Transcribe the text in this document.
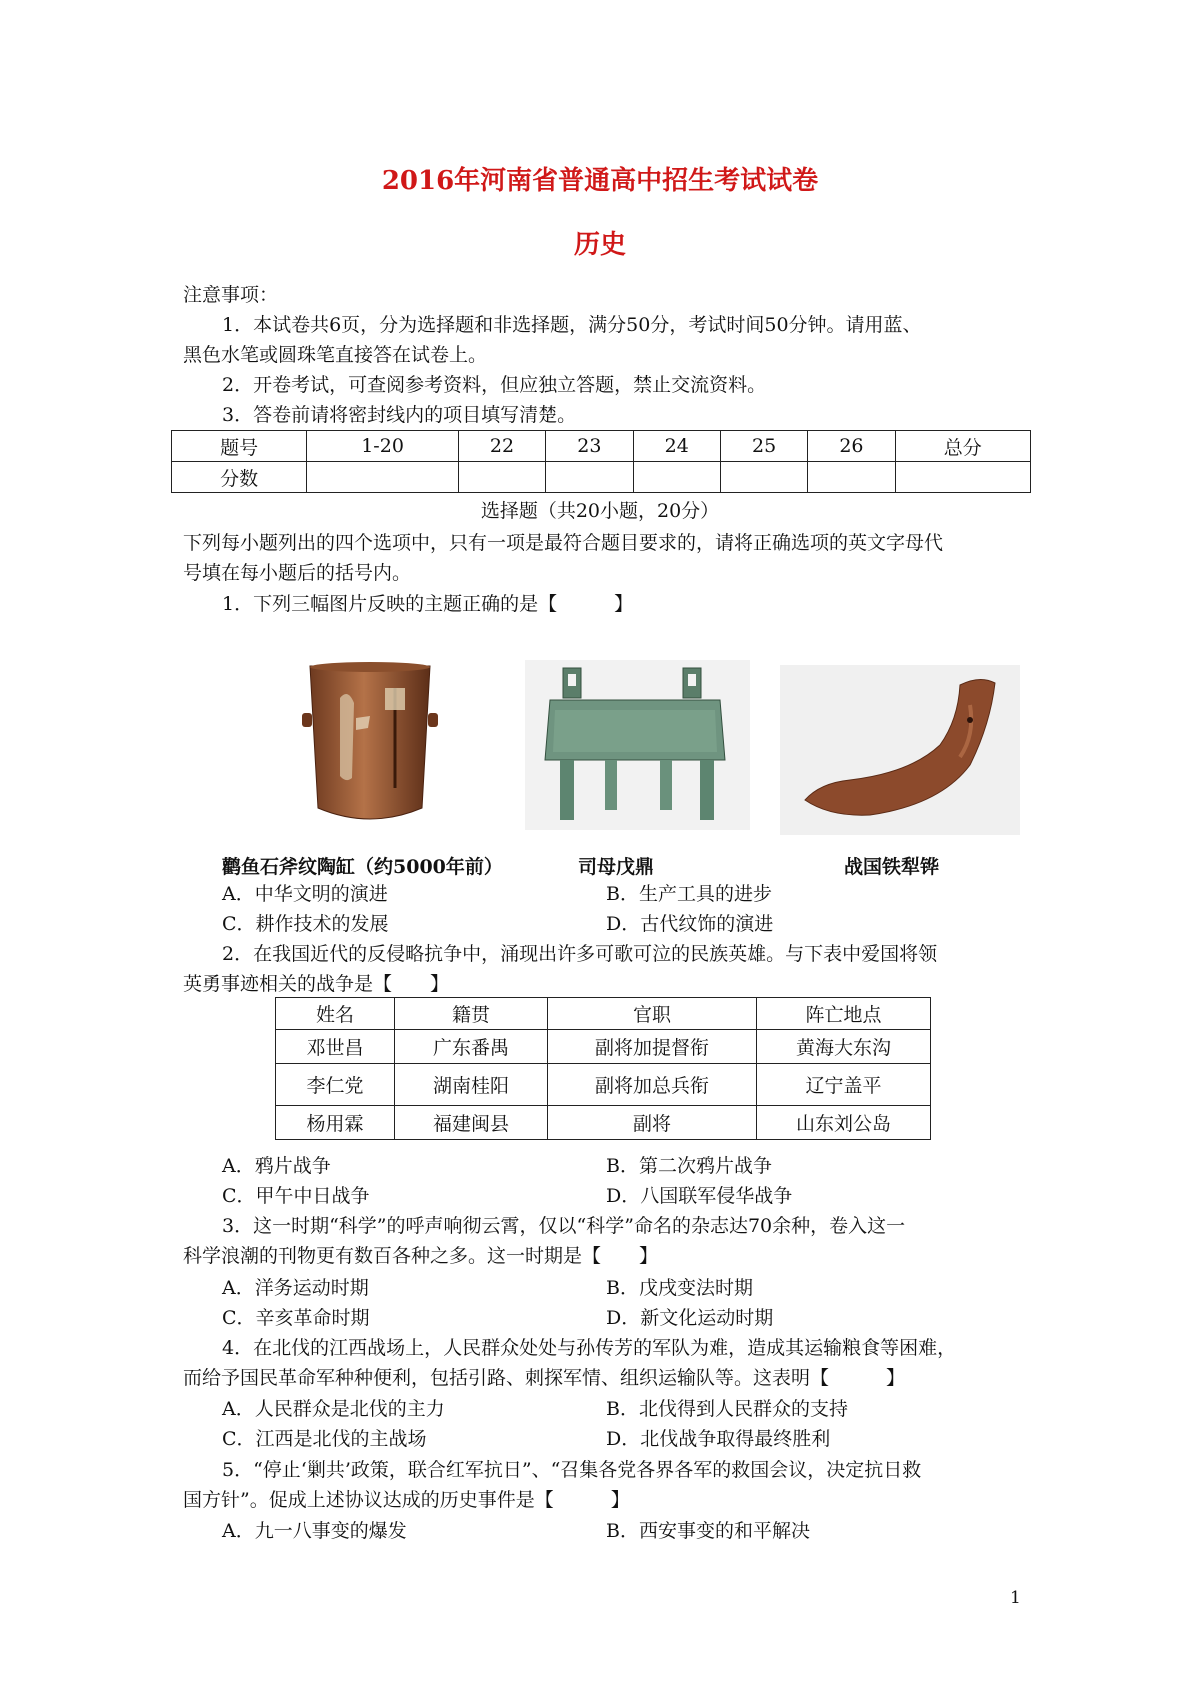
2016年河南省普通高中招生考试试卷
历史
注意事项：
1．本试卷共6页，分为选择题和非选择题，满分50分，考试时间50分钟。请用蓝、
黑色水笔或圆珠笔直接答在试卷上。
2．开卷考试，可查阅参考资料，但应独立答题，禁止交流资料。
3．答卷前请将密封线内的项目填写清楚。
题号	1-20	22	23	24	25	26	总分
分数							
选择题（共20小题，20分）
下列每小题列出的四个选项中，只有一项是最符合题目要求的，请将正确选项的英文字母代
号填在每小题后的括号内。
1．下列三幅图片反映的主题正确的是【　　　】
鹳鱼石斧纹陶缸（约5000年前）	司母戊鼎	战国铁犁铧
A．中华文明的演进	B．生产工具的进步
C．耕作技术的发展	D．古代纹饰的演进
2．在我国近代的反侵略抗争中，涌现出许多可歌可泣的民族英雄。与下表中爱国将领
英勇事迹相关的战争是【　　】
姓名	籍贯	官职	阵亡地点
邓世昌	广东番禺	副将加提督衔	黄海大东沟
李仁党	湖南桂阳	副将加总兵衔	辽宁盖平
杨用霖	福建闽县	副将	山东刘公岛
A．鸦片战争	B．第二次鸦片战争
C．甲午中日战争	D．八国联军侵华战争
3．这一时期“科学”的呼声响彻云霄，仅以“科学”命名的杂志达70余种，卷入这一
科学浪潮的刊物更有数百各种之多。这一时期是【　　】
A．洋务运动时期	B．戊戌变法时期
C．辛亥革命时期	D．新文化运动时期
4．在北伐的江西战场上，人民群众处处与孙传芳的军队为难，造成其运输粮食等困难，
而给予国民革命军种种便利，包括引路、刺探军情、组织运输队等。这表明【　　　】
A．人民群众是北伐的主力	B．北伐得到人民群众的支持
C．江西是北伐的主战场	D．北伐战争取得最终胜利
5．“停止‘剿共’政策，联合红军抗日”、“召集各党各界各军的救国会议，决定抗日救
国方针”。促成上述协议达成的历史事件是【　　　】
A．九一八事变的爆发	B．西安事变的和平解决
1
